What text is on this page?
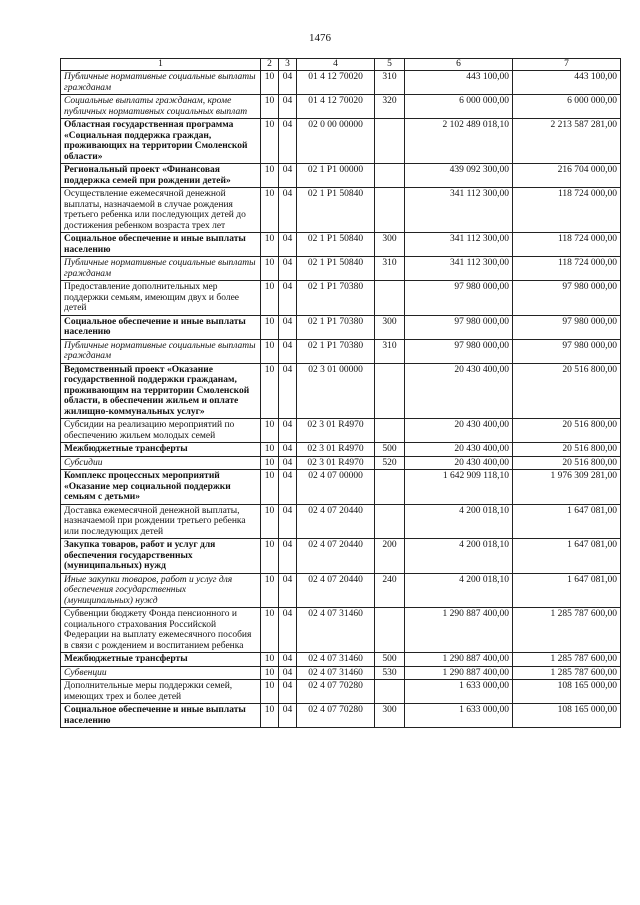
1476
1	2	3	4	5	6	7
Публичные нормативные социальные выплаты гражданам	10	04	01 4 12 70020	310	443 100,00	443 100,00
Социальные выплаты гражданам, кроме публичных нормативных социальных выплат	10	04	01 4 12 70020	320	6 000 000,00	6 000 000,00
Областная государственная программа «Социальная поддержка граждан, проживающих на территории Смоленской области»	10	04	02 0 00 00000		2 102 489 018,10	2 213 587 281,00
Региональный проект «Финансовая поддержка семей при рождении детей»	10	04	02 1 P1 00000		439 092 300,00	216 704 000,00
Осуществление ежемесячной денежной выплаты, назначаемой в случае рождения третьего ребенка или последующих детей до достижения ребенком возраста трех лет	10	04	02 1 P1 50840		341 112 300,00	118 724 000,00
Социальное обеспечение и иные выплаты населению	10	04	02 1 P1 50840	300	341 112 300,00	118 724 000,00
Публичные нормативные социальные выплаты гражданам	10	04	02 1 P1 50840	310	341 112 300,00	118 724 000,00
Предоставление дополнительных мер поддержки семьям, имеющим двух и более детей	10	04	02 1 P1 70380		97 980 000,00	97 980 000,00
Социальное обеспечение и иные выплаты населению	10	04	02 1 P1 70380	300	97 980 000,00	97 980 000,00
Публичные нормативные социальные выплаты гражданам	10	04	02 1 P1 70380	310	97 980 000,00	97 980 000,00
Ведомственный проект «Оказание государственной поддержки гражданам, проживающим на территории Смоленской области, в обеспечении жильем и оплате жилищно-коммунальных услуг»	10	04	02 3 01 00000		20 430 400,00	20 516 800,00
Субсидии на реализацию мероприятий по обеспечению жильем молодых семей	10	04	02 3 01 R4970		20 430 400,00	20 516 800,00
Межбюджетные трансферты	10	04	02 3 01 R4970	500	20 430 400,00	20 516 800,00
Субсидии	10	04	02 3 01 R4970	520	20 430 400,00	20 516 800,00
Комплекс процессных мероприятий «Оказание мер социальной поддержки семьям с детьми»	10	04	02 4 07 00000		1 642 909 118,10	1 976 309 281,00
Доставка ежемесячной денежной выплаты, назначаемой при рождении третьего ребенка или последующих детей	10	04	02 4 07 20440		4 200 018,10	1 647 081,00
Закупка товаров, работ и услуг для обеспечения государственных (муниципальных) нужд	10	04	02 4 07 20440	200	4 200 018,10	1 647 081,00
Иные закупки товаров, работ и услуг для обеспечения государственных (муниципальных) нужд	10	04	02 4 07 20440	240	4 200 018,10	1 647 081,00
Субвенции бюджету Фонда пенсионного и социального страхования Российской Федерации на выплату ежемесячного пособия в связи с рождением и воспитанием ребенка	10	04	02 4 07 31460		1 290 887 400,00	1 285 787 600,00
Межбюджетные трансферты	10	04	02 4 07 31460	500	1 290 887 400,00	1 285 787 600,00
Субвенции	10	04	02 4 07 31460	530	1 290 887 400,00	1 285 787 600,00
Дополнительные меры поддержки семей, имеющих трех и более детей	10	04	02 4 07 70280		1 633 000,00	108 165 000,00
Социальное обеспечение и иные выплаты населению	10	04	02 4 07 70280	300	1 633 000,00	108 165 000,00
